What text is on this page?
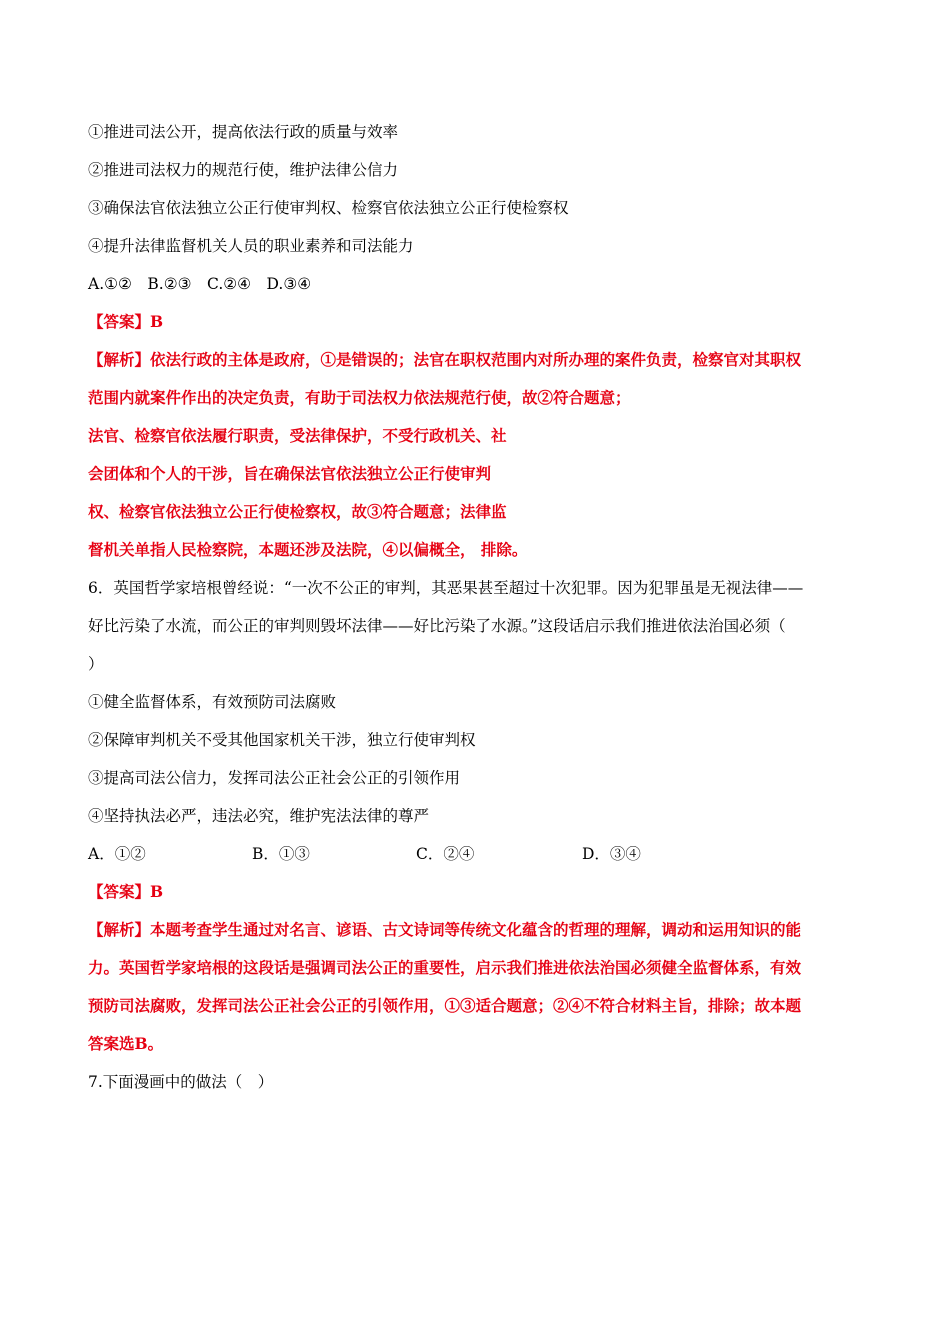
①推进司法公开，提高依法行政的质量与效率
②推进司法权力的规范行使，维护法律公信力
③确保法官依法独立公正行使审判权、检察官依法独立公正行使检察权
④提升法律监督机关人员的职业素养和司法能力
A.①②　B.②③　C.②④　D.③④
【答案】B
【解析】依法行政的主体是政府，①是错误的；法官在职权范围内对所办理的案件负责，检察官对其职权
范围内就案件作出的决定负责，有助于司法权力依法规范行使，故②符合题意；
法官、检察官依法履行职责，受法律保护，不受行政机关、社
会团体和个人的干涉，旨在确保法官依法独立公正行使审判
权、检察官依法独立公正行使检察权，故③符合题意；法律监
督机关单指人民检察院，本题还涉及法院，④以偏概全， 排除。
6．英国哲学家培根曾经说：“一次不公正的审判，其恶果甚至超过十次犯罪。因为犯罪虽是无视法律——
好比污染了水流，而公正的审判则毁坏法律——好比污染了水源。”这段话启示我们推进依法治国必须（
）
①健全监督体系，有效预防司法腐败
②保障审判机关不受其他国家机关干涉，独立行使审判权
③提高司法公信力，发挥司法公正社会公正的引领作用
④坚持执法必严，违法必究，维护宪法法律的尊严
A．①②	B．①③	C．②④	D．③④
【答案】B
【解析】本题考查学生通过对名言、谚语、古文诗词等传统文化蕴含的哲理的理解，调动和运用知识的能
力。英国哲学家培根的这段话是强调司法公正的重要性，启示我们推进依法治国必须健全监督体系，有效
预防司法腐败，发挥司法公正社会公正的引领作用，①③适合题意；②④不符合材料主旨，排除；故本题
答案选B。
7.下面漫画中的做法（　）
